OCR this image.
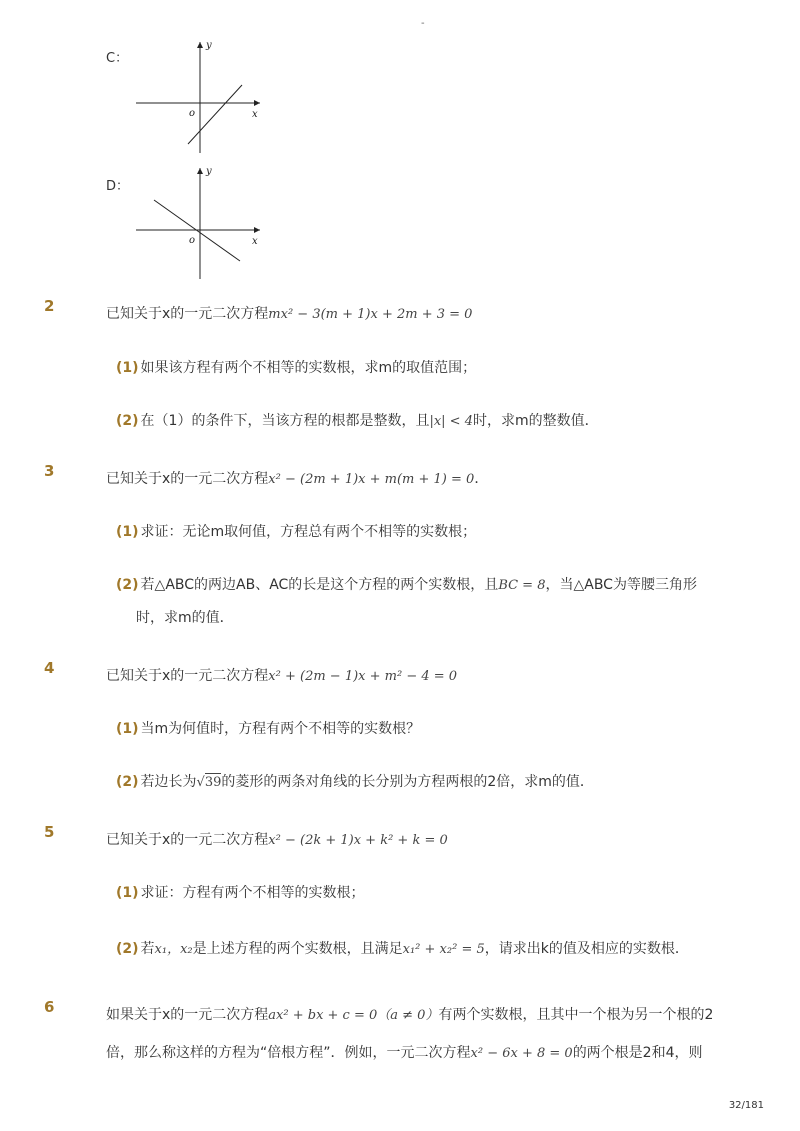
-
C：
y
x
o
D：
y
x
o
2	已知关于x的一元二次方程mx² − 3(m + 1)x + 2m + 3 = 0
(1) 如果该方程有两个不相等的实数根，求m的取值范围；
(2) 在（1）的条件下，当该方程的根都是整数，且|x| < 4时，求m的整数值．
3	已知关于x的一元二次方程x² − (2m + 1)x + m(m + 1) = 0．
(1) 求证：无论m取何值，方程总有两个不相等的实数根；
(2) 若△ABC的两边AB、AC的长是这个方程的两个实数根，且BC = 8，当△ABC为等腰三角形
时，求m的值．
4	已知关于x的一元二次方程x² + (2m − 1)x + m² − 4 = 0
(1) 当m为何值时，方程有两个不相等的实数根？
(2) 若边长为√39的菱形的两条对角线的长分别为方程两根的2倍，求m的值．
5	已知关于x的一元二次方程x² − (2k + 1)x + k² + k = 0
(1) 求证：方程有两个不相等的实数根；
(2) 若x₁，x₂是上述方程的两个实数根，且满足x₁² + x₂² = 5，请求出k的值及相应的实数根．
6	如果关于x的一元二次方程ax² + bx + c = 0（a ≠ 0）有两个实数根，且其中一个根为另一个根的2
倍，那么称这样的方程为“倍根方程”．例如，一元二次方程x² − 6x + 8 = 0的两个根是2和4，则
32/181
